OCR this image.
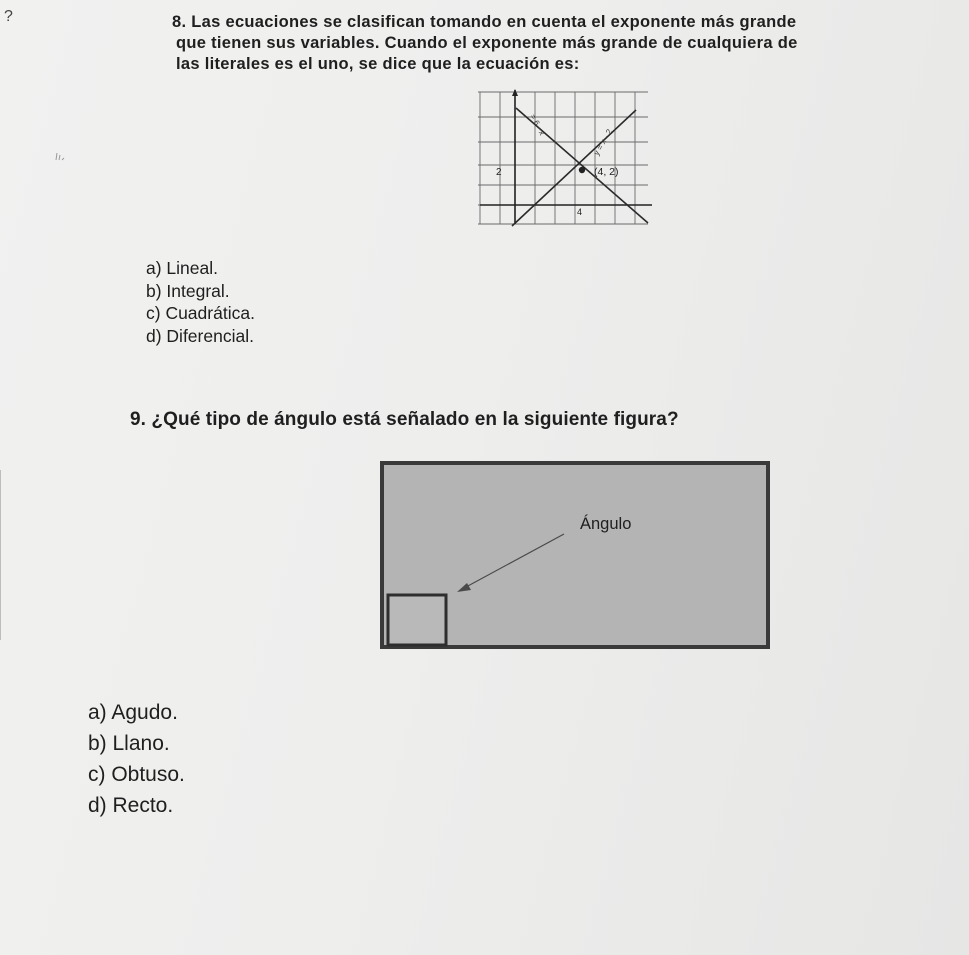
?	8. Las ecuaciones se clasifican tomando en cuenta el exponente más grande
que tienen sus variables. Cuando el exponente más grande de cualquiera de
las literales es el uno, se dice que la ecuación es:
(4, 2)
2
4
= 6 - x
y = x - 2
a) Lineal.
b) Integral.
c) Cuadrática.
d) Diferencial.
9. ¿Qué tipo de ángulo está señalado en la siguiente figura?
Ángulo
a) Agudo.
b) Llano.
c) Obtuso.
d) Recto.
